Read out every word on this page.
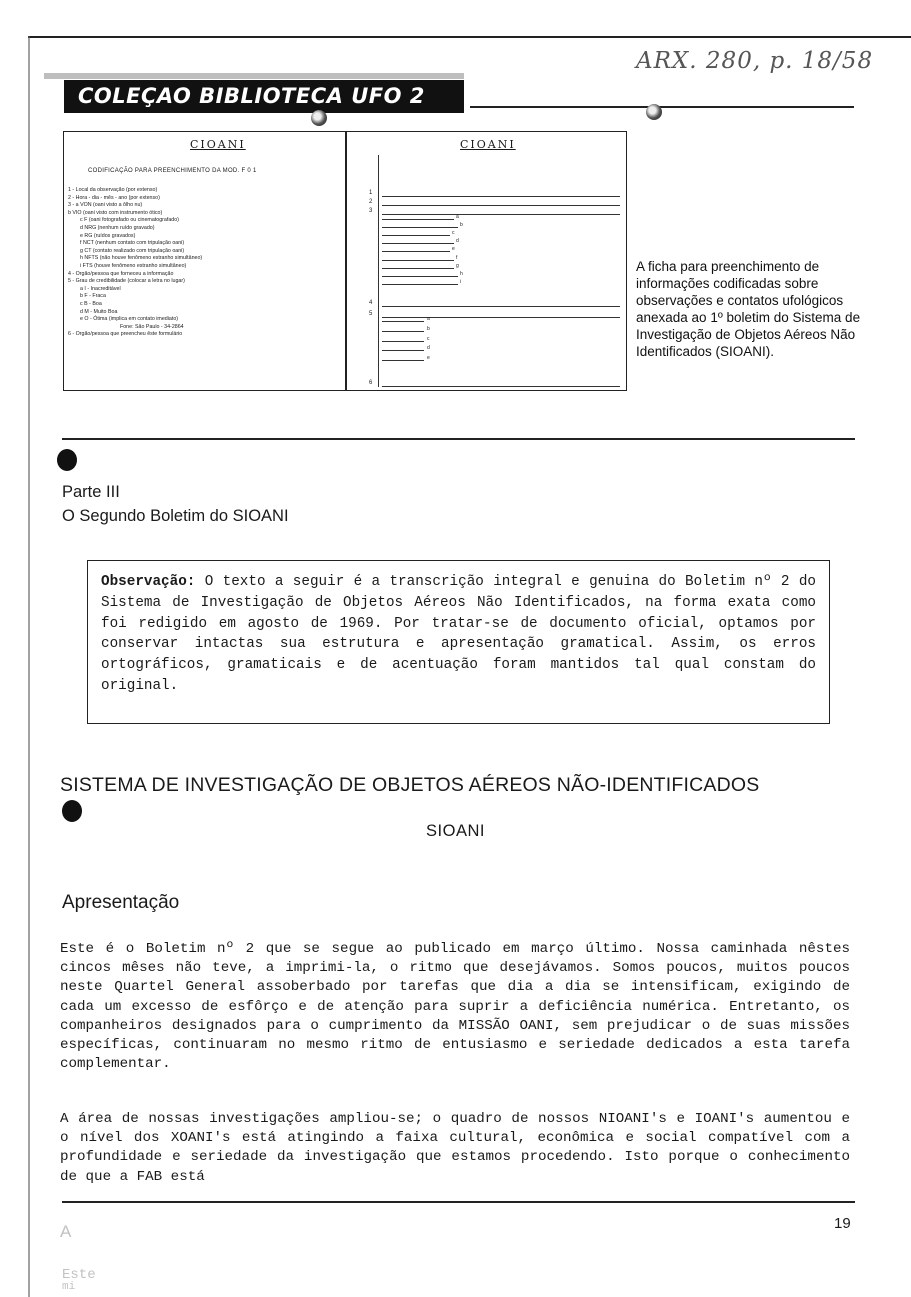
COLEÇAO BIBLIOTECA UFO 2
ARX. 280, p. 18/58
CIOANI	CIOANI
CODIFICAÇÃO PARA PREENCHIMENTO DA MOD. F 0 1
1 - Local da observação (por extenso)
2 - Hora - dia - mês - ano (por extenso)
3 - a VON (oani visto a ôlho nu)
b VIO (oani visto com instrumento ótico)
c F (oani fotografado ou cinematografado)
d NRG (nenhum ruído gravado)
e RG (ruídos gravados)
f NCT (nenhum contato com tripulação oani)
g CT (contato realizado com tripulação oani)
h NFTS (não houve fenômeno estranho simultâneo)
i FTS (houve fenômeno estranho simultâneo)
4 - Orgão/pessoa que forneceu a informação
5 - Grau de credibilidade (colocar a letra no lugar)
a I - Inacreditável
b F - Fraca
c B - Boa
d M - Muito Boa
e O - Ótima (implica em contato imediato)
Fone: São Paulo - 34-2864
6 - Orgão/pessoa que preencheu êste formulário
1
2
3
4
5
6
a
b
c
d
e
f
g
h
i
a
b
c
d
e
A ficha para preenchimento de informações codificadas sobre observações e contatos ufológicos anexada ao 1º boletim do Sistema de Investigação de Objetos Aéreos Não Identificados (SIOANI).
Parte III
O Segundo Boletim do SIOANI
Observação: O texto a seguir é a transcrição integral e genuina do Boletim nº 2 do Sistema de Investigação de Objetos Aéreos Não Identificados, na forma exata como foi redigido em agosto de 1969. Por tratar-se de documento oficial, optamos por conservar intactas sua estrutura e apresentação gramatical. Assim, os erros ortográficos, gramaticais e de acentuação foram mantidos tal qual constam do original.
SISTEMA DE INVESTIGAÇÃO DE OBJETOS AÉREOS NÃO-IDENTIFICADOS
SIOANI
Apresentação
Este é o Boletim nº 2 que se segue ao publicado em março último. Nossa caminhada nêstes cincos mêses não teve, a imprimi-la, o ritmo que desejávamos. Somos poucos, muitos poucos neste Quartel General assoberbado por tarefas que dia a dia se intensificam, exigindo de cada um excesso de esfôrço e de atenção para suprir a deficiência numérica. Entretanto, os companheiros designados para o cumprimento da MISSÃO OANI, sem prejudicar o de suas missões específicas, continuaram no mesmo ritmo de entusiasmo e seriedade dedicados a esta tarefa complementar.
A área de nossas investigações ampliou-se; o quadro de nossos NIOANI's e IOANI's aumentou e o nível dos XOANI's está atingindo a faixa cultural, econômica e social compatível com a profundidade e seriedade da investigação que estamos procedendo. Isto porque o conhecimento de que a FAB está
19
A
Este
mi
